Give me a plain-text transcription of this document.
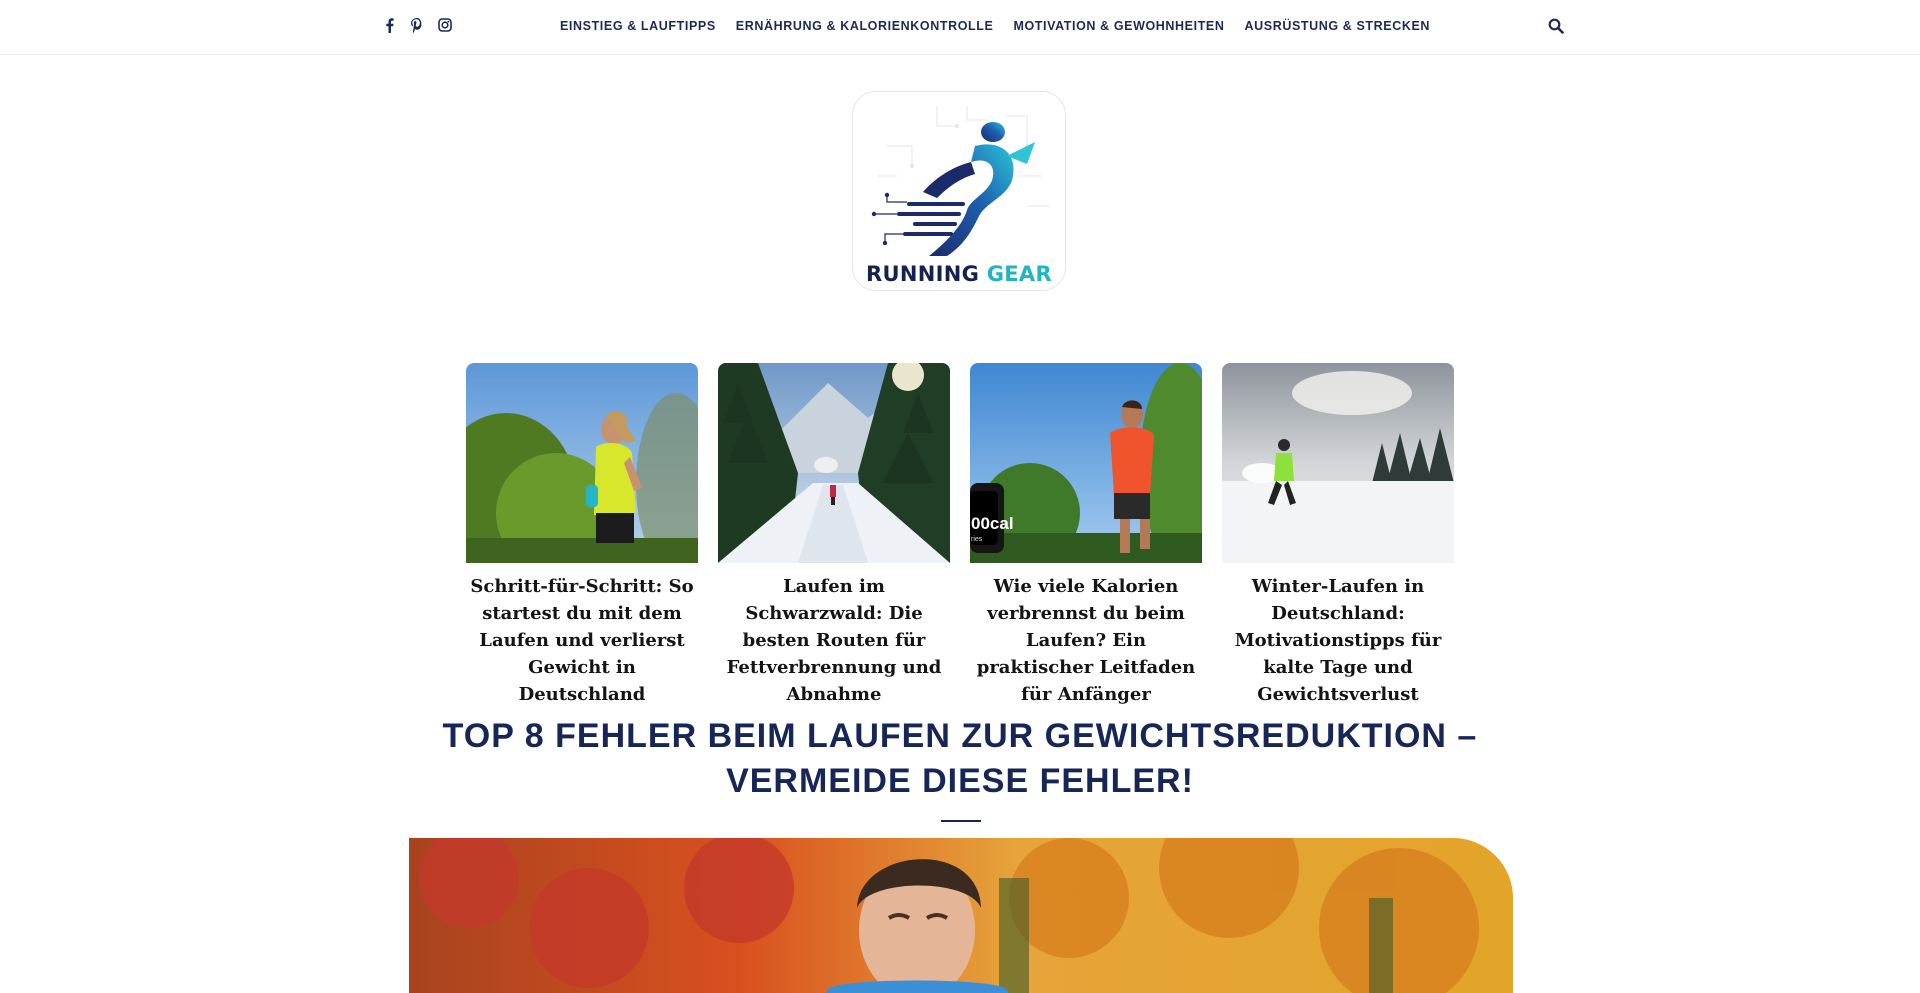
EINSTIEG & LAUFTIPPS ERNÄHRUNG & KALORIENKONTROLLE MOTIVATION & GEWOHNHEITEN AUSRÜSTUNG & STRECKEN
RUNNING GEAR
Schritt-für-Schritt: So startest du mit dem Laufen und verlierst Gewicht in Deutschland
Laufen im Schwarzwald: Die besten Routen für Fettverbrennung und Abnahme
00cal
ries
Wie viele Kalorien verbrennst du beim Laufen? Ein praktischer Leitfaden für Anfänger
Winter-Laufen in Deutschland: Motivationstipps für kalte Tage und Gewichtsverlust
TOP 8 FEHLER BEIM LAUFEN ZUR GEWICHTSREDUKTION – VERMEIDE DIESE FEHLER!
